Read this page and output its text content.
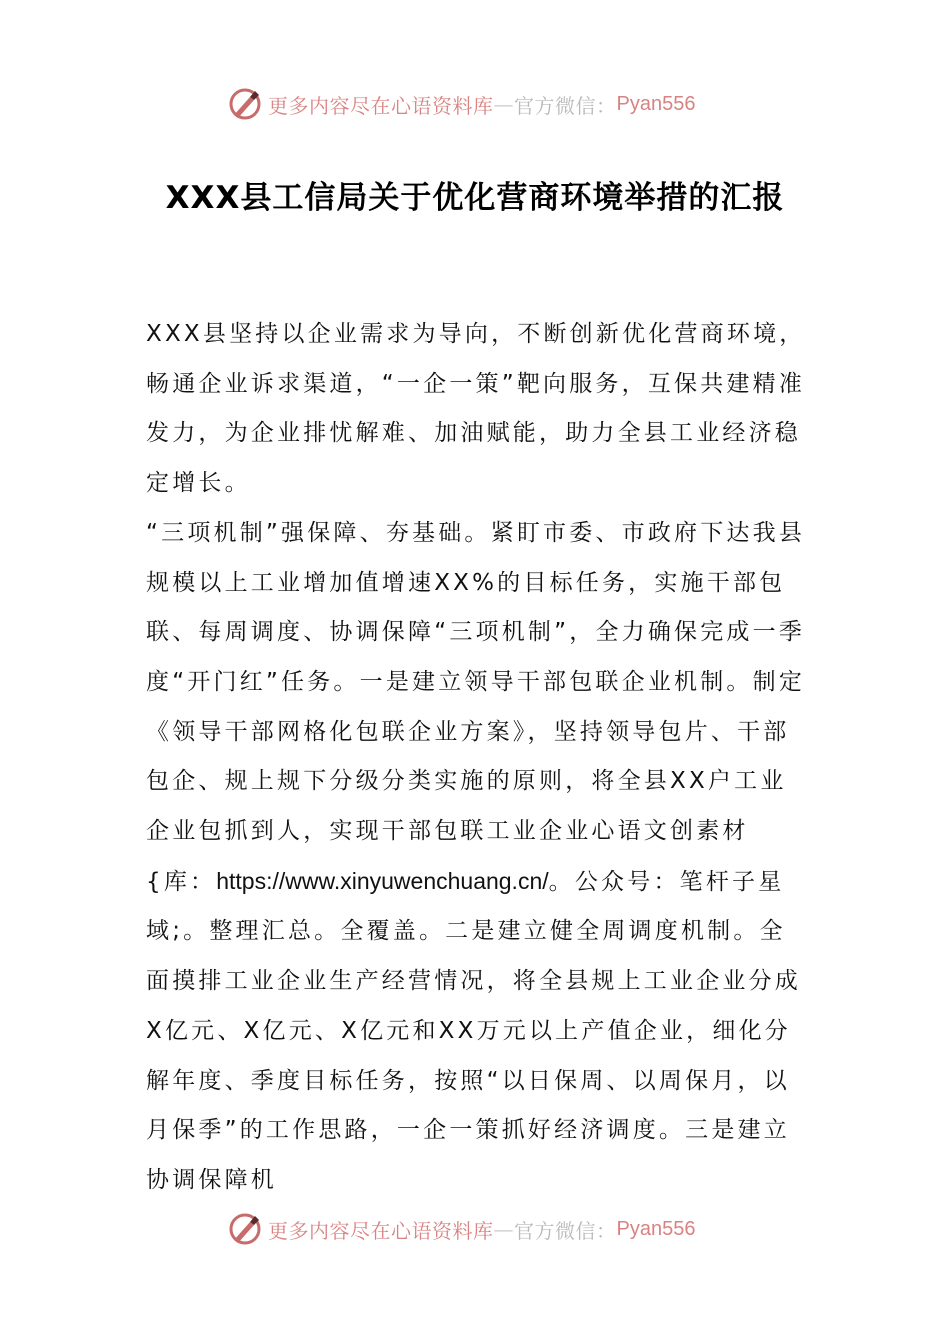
更多内容尽在心语资料库 — 官方微信： Pyan556
XXX县工信局关于优化营商环境举措的汇报

XXX县坚持以企业需求为导向，不断创新优化营商环境，畅通企业诉求渠道，“一企一策”靶向服务，互保共建精准发力，为企业排忧解难、加油赋能，助力全县工业经济稳定增长。

“三项机制”强保障、夯基础。紧盯市委、市政府下达我县规模以上工业增加值增速XX%的目标任务，实施干部包联、每周调度、协调保障“三项机制”，全力确保完成一季度“开门红”任务。一是建立领导干部包联企业机制。制定《领导干部网格化包联企业方案》，坚持领导包片、干部包企、规上规下分级分类实施的原则，将全县XX户工业企业包抓到人，实现干部包联工业企业心语文创素材{库：https://www.xinyuwenchuang.cn/。公众号：笔杆子星域;。整理汇总。全覆盖。二是建立健全周调度机制。全面摸排工业企业生产经营情况，将全县规上工业企业分成X亿元、X亿元、X亿元和XX万元以上产值企业，细化分解年度、季度目标任务，按照“以日保周、以周保月，以月保季”的工作思路，一企一策抓好经济调度。三是建立协调保障机

更多内容尽在心语资料库 — 官方微信： Pyan556
